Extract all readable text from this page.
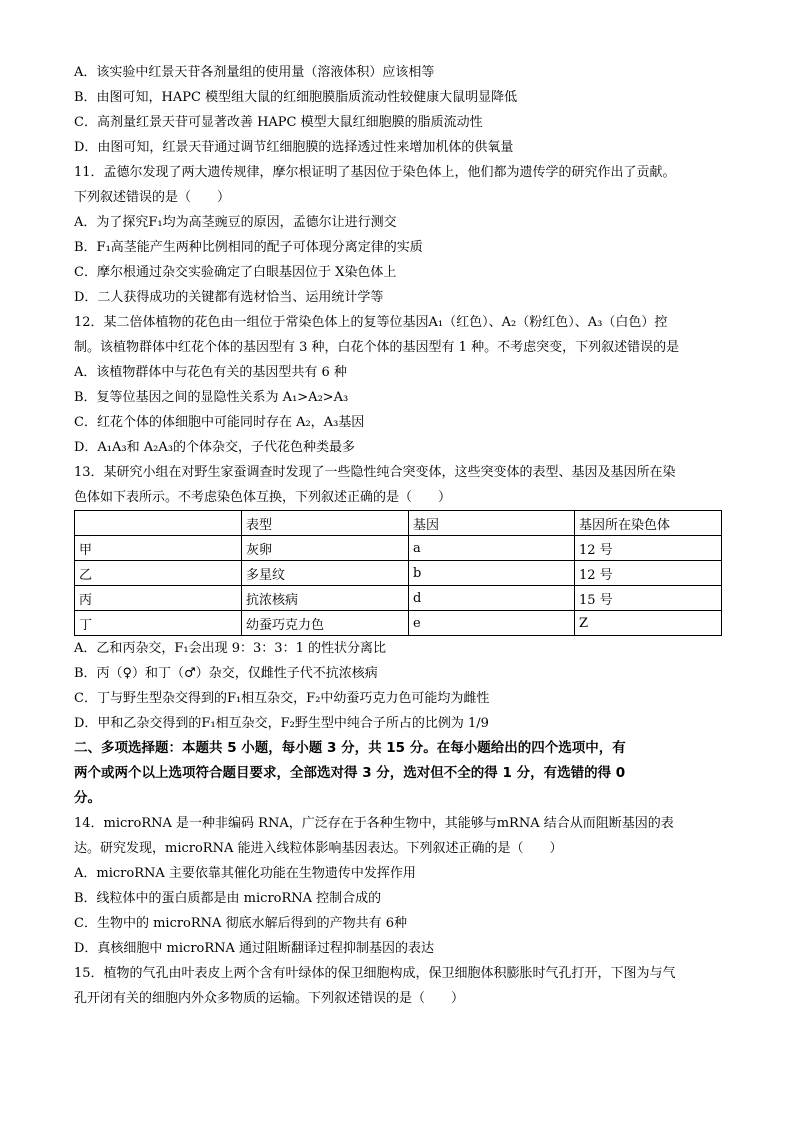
A．该实验中红景天苷各剂量组的使用量（溶液体积）应该相等
B．由图可知，HAPC 模型组大鼠的红细胞膜脂质流动性较健康大鼠明显降低
C．高剂量红景天苷可显著改善 HAPC 模型大鼠红细胞膜的脂质流动性
D．由图可知，红景天苷通过调节红细胞膜的选择透过性来增加机体的供氧量
11．孟德尔发现了两大遗传规律，摩尔根证明了基因位于染色体上，他们都为遗传学的研究作出了贡献。
下列叙述错误的是（　　）
A．为了探究F₁均为高茎豌豆的原因，孟德尔让进行测交
B．F₁高茎能产生两种比例相同的配子可体现分离定律的实质
C．摩尔根通过杂交实验确定了白眼基因位于 X染色体上
D．二人获得成功的关键都有选材恰当、运用统计学等
12．某二倍体植物的花色由一组位于常染色体上的复等位基因A₁（红色）、A₂（粉红色）、A₃（白色）控
制。该植物群体中红花个体的基因型有 3 种，白花个体的基因型有 1 种。不考虑突变，下列叙述错误的是
A．该植物群体中与花色有关的基因型共有 6 种
B．复等位基因之间的显隐性关系为 A₁>A₂>A₃
C．红花个体的体细胞中可能同时存在 A₂，A₃基因
D．A₁A₃和 A₂A₃的个体杂交，子代花色种类最多
13．某研究小组在对野生家蚕调查时发现了一些隐性纯合突变体，这些突变体的表型、基因及基因所在染
色体如下表所示。不考虑染色体互换，下列叙述正确的是（　　）
	表型	基因	基因所在染色体
甲	灰卵	a	12 号
乙	多星纹	b	12 号
丙	抗浓核病	d	15 号
丁	幼蚕巧克力色	e	Z
A．乙和丙杂交，F₁会出现 9：3：3：1 的性状分离比
B．丙（♀）和丁（♂）杂交，仅雌性子代不抗浓核病
C．丁与野生型杂交得到的F₁相互杂交，F₂中幼蚕巧克力色可能均为雌性
D．甲和乙杂交得到的F₁相互杂交，F₂野生型中纯合子所占的比例为 1/9
二、多项选择题：本题共 5 小题，每小题 3 分，共 15 分。在每小题给出的四个选项中，有
两个或两个以上选项符合题目要求，全部选对得 3 分，选对但不全的得 1 分，有选错的得 0
分。
14．microRNA 是一种非编码 RNA，广泛存在于各种生物中，其能够与mRNA 结合从而阻断基因的表
达。研究发现，microRNA 能进入线粒体影响基因表达。下列叙述正确的是（　　）
A．microRNA 主要依靠其催化功能在生物遗传中发挥作用
B．线粒体中的蛋白质都是由 microRNA 控制合成的
C．生物中的 microRNA 彻底水解后得到的产物共有 6种
D．真核细胞中 microRNA 通过阻断翻译过程抑制基因的表达
15．植物的气孔由叶表皮上两个含有叶绿体的保卫细胞构成，保卫细胞体积膨胀时气孔打开，下图为与气
孔开闭有关的细胞内外众多物质的运输。下列叙述错误的是（　　）
